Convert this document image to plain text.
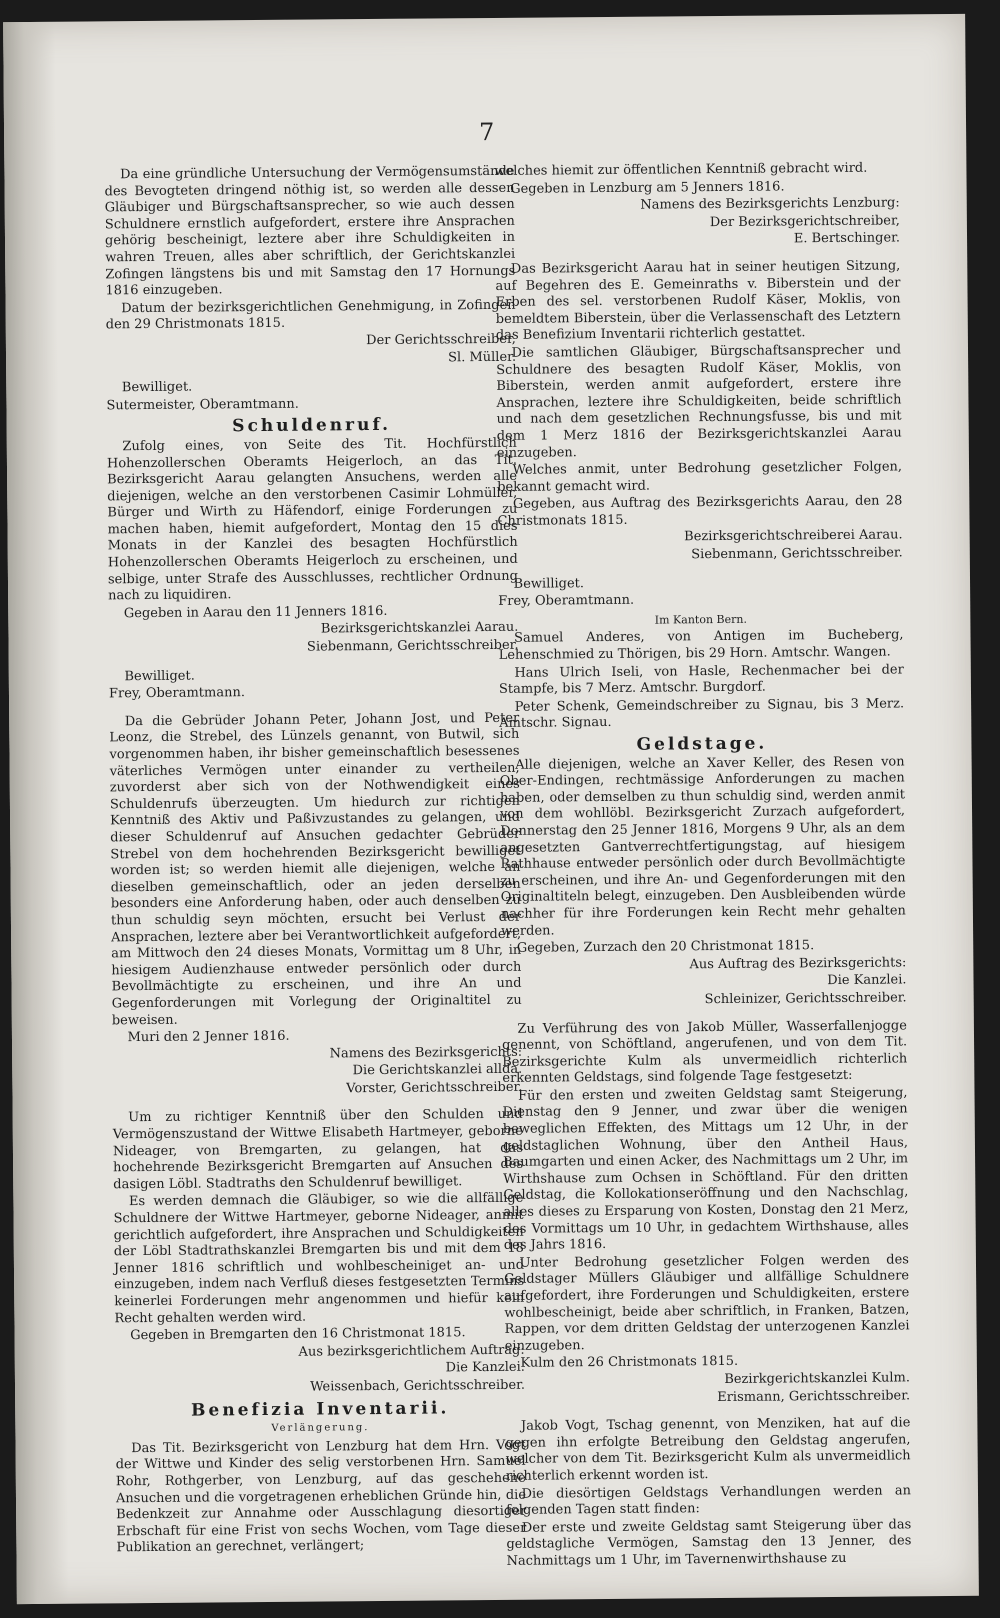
7

Da eine gründliche Untersuchung der Vermögensumstände des Bevogteten dringend nöthig ist, so werden alle dessen Gläubiger und Bürgschaftsansprecher, so wie auch dessen Schuldnere ernstlich aufgefordert, erstere ihre Ansprachen gehörig bescheinigt, leztere aber ihre Schuldigkeiten in wahren Treuen, alles aber schriftlich, der Gerichtskanzlei Zofingen längstens bis und mit Samstag den 17 Hornungs 1816 einzugeben.

Datum der bezirksgerichtlichen Genehmigung, in Zofingen den 29 Christmonats 1815.

Der Gerichtsschreiber,

Sl. Müller.

Bewilliget.

Sutermeister, Oberamtmann.

Schuldenruf.

Zufolg eines, von Seite des Tit. Hochfürstlich Hohenzollerschen Oberamts Heigerloch, an das Tit. Bezirksgericht Aarau gelangten Ansuchens, werden alle diejenigen, welche an den verstorbenen Casimir Lohmüller, Bürger und Wirth zu Häfendorf, einige Forderungen zu machen haben, hiemit aufgefordert, Montag den 15 dies Monats in der Kanzlei des besagten Hochfürstlich Hohenzollerschen Oberamts Heigerloch zu erscheinen, und selbige, unter Strafe des Ausschlusses, rechtlicher Ordnung nach zu liquidiren.

Gegeben in Aarau den 11 Jenners 1816.

Bezirksgerichtskanzlei Aarau.

Siebenmann, Gerichtsschreiber.

Bewilliget.

Frey, Oberamtmann.

Da die Gebrüder Johann Peter, Johann Jost, und Peter Leonz, die Strebel, des Lünzels genannt, von Butwil, sich vorgenommen haben, ihr bisher gemeinschaftlich besessenes väterliches Vermögen unter einander zu vertheilen, zuvorderst aber sich von der Nothwendigkeit eines Schuldenrufs überzeugten. Um hiedurch zur richtigen Kenntniß des Aktiv und Paßivzustandes zu gelangen, und dieser Schuldenruf auf Ansuchen gedachter Gebrüder Strebel von dem hochehrenden Bezirksgericht bewilliget worden ist; so werden hiemit alle diejenigen, welche an dieselben gemeinschaftlich, oder an jeden derselben besonders eine Anforderung haben, oder auch denselben zu thun schuldig seyn möchten, ersucht bei Verlust der Ansprachen, leztere aber bei Verantwortlichkeit aufgefordert, am Mittwoch den 24 dieses Monats, Vormittag um 8 Uhr, in hiesigem Audienzhause entweder persönlich oder durch Bevollmächtigte zu erscheinen, und ihre An und Gegenforderungen mit Vorlegung der Originaltitel zu beweisen.

Muri den 2 Jenner 1816.

Namens des Bezirksgerichts:

Die Gerichtskanzlei allda.

Vorster, Gerichtsschreiber.

Um zu richtiger Kenntniß über den Schulden und Vermögenszustand der Wittwe Elisabeth Hartmeyer, geborne Nideager, von Bremgarten, zu gelangen, hat das hochehrende Bezirksgericht Bremgarten auf Ansuchen des dasigen Löbl. Stadtraths den Schuldenruf bewilliget.

Es werden demnach die Gläubiger, so wie die allfällige Schuldnere der Wittwe Hartmeyer, geborne Nideager, anmit gerichtlich aufgefordert, ihre Ansprachen und Schuldigkeiten der Löbl Stadtrathskanzlei Bremgarten bis und mit dem 18 Jenner 1816 schriftlich und wohlbescheiniget an- und einzugeben, indem nach Verfluß dieses festgesetzten Termins keinerlei Forderungen mehr angenommen und hiefür kein Recht gehalten werden wird.

Gegeben in Bremgarten den 16 Christmonat 1815.

Aus bezirksgerichtlichem Auftrag:

Die Kanzlei.

Weissenbach, Gerichtsschreiber.

Benefizia Inventarii.
Verlängerung.

Das Tit. Bezirksgericht von Lenzburg hat dem Hrn. Vogt der Wittwe und Kinder des selig verstorbenen Hrn. Samuel Rohr, Rothgerber, von Lenzburg, auf das geschehene Ansuchen und die vorgetragenen erheblichen Gründe hin, die Bedenkzeit zur Annahme oder Ausschlagung diesortiger Erbschaft für eine Frist von sechs Wochen, vom Tage dieser Publikation an gerechnet, verlängert;

welches hiemit zur öffentlichen Kenntniß gebracht wird.

Gegeben in Lenzburg am 5 Jenners 1816.

Namens des Bezirksgerichts Lenzburg:

Der Bezirksgerichtschreiber,

E. Bertschinger.

Das Bezirksgericht Aarau hat in seiner heutigen Sitzung, auf Begehren des E. Gemeinraths v. Biberstein und der Erben des sel. verstorbenen Rudolf Käser, Moklis, von bemeldtem Biberstein, über die Verlassenschaft des Letztern das Benefizium Inventarii richterlich gestattet.

Die samtlichen Gläubiger, Bürgschaftsansprecher und Schuldnere des besagten Rudolf Käser, Moklis, von Biberstein, werden anmit aufgefordert, erstere ihre Ansprachen, leztere ihre Schuldigkeiten, beide schriftlich und nach dem gesetzlichen Rechnungsfusse, bis und mit dem 1 Merz 1816 der Bezirksgerichtskanzlei Aarau einzugeben.

Welches anmit, unter Bedrohung gesetzlicher Folgen, bekannt gemacht wird.

Gegeben, aus Auftrag des Bezirksgerichts Aarau, den 28 Christmonats 1815.

Bezirksgerichtschreiberei Aarau.

Siebenmann, Gerichtsschreiber.

Bewilliget.

Frey, Oberamtmann.

Im Kanton Bern.

Samuel Anderes, von Antigen im Bucheberg, Lehenschmied zu Thörigen, bis 29 Horn. Amtschr. Wangen.

Hans Ulrich Iseli, von Hasle, Rechenmacher bei der Stampfe, bis 7 Merz. Amtschr. Burgdorf.

Peter Schenk, Gemeindschreiber zu Signau, bis 3 Merz. Amtschr. Signau.

Geldstage.

Alle diejenigen, welche an Xaver Keller, des Resen von Ober-Endingen, rechtmässige Anforderungen zu machen haben, oder demselben zu thun schuldig sind, werden anmit von dem wohllöbl. Bezirksgericht Zurzach aufgefordert, Donnerstag den 25 Jenner 1816, Morgens 9 Uhr, als an dem angesetzten Gantverrechtfertigungstag, auf hiesigem Rathhause entweder persönlich oder durch Bevollmächtigte zu erscheinen, und ihre An- und Gegenforderungen mit den Originaltiteln belegt, einzugeben. Den Ausbleibenden würde nachher für ihre Forderungen kein Recht mehr gehalten werden.

Gegeben, Zurzach den 20 Christmonat 1815.

Aus Auftrag des Bezirksgerichts:

Die Kanzlei.

Schleinizer, Gerichtsschreiber.

Zu Verführung des von Jakob Müller, Wasserfallenjogge genennt, von Schöftland, angerufenen, und von dem Tit. Bezirksgerichte Kulm als unvermeidlich richterlich erkennten Geldstags, sind folgende Tage festgesetzt:

Für den ersten und zweiten Geldstag samt Steigerung, Dienstag den 9 Jenner, und zwar über die wenigen beweglichen Effekten, des Mittags um 12 Uhr, in der geldstaglichen Wohnung, über den Antheil Haus, Baumgarten und einen Acker, des Nachmittags um 2 Uhr, im Wirthshause zum Ochsen in Schöftland. Für den dritten Geldstag, die Kollokationseröffnung und den Nachschlag, alles dieses zu Ersparung von Kosten, Donstag den 21 Merz, des Vormittags um 10 Uhr, in gedachtem Wirthshause, alles des Jahrs 1816.

Unter Bedrohung gesetzlicher Folgen werden des Geldstager Müllers Gläubiger und allfällige Schuldnere aufgefordert, ihre Forderungen und Schuldigkeiten, erstere wohlbescheinigt, beide aber schriftlich, in Franken, Batzen, Rappen, vor dem dritten Geldstag der unterzogenen Kanzlei einzugeben.

Kulm den 26 Christmonats 1815.

Bezirkgerichtskanzlei Kulm.

Erismann, Gerichtsschreiber.

Jakob Vogt, Tschag genennt, von Menziken, hat auf die gegen ihn erfolgte Betreibung den Geldstag angerufen, welcher von dem Tit. Bezirksgericht Kulm als unvermeidlich richterlich erkennt worden ist.

Die diesörtigen Geldstags Verhandlungen werden an folgenden Tagen statt finden:

Der erste und zweite Geldstag samt Steigerung über das geldstagliche Vermögen, Samstag den 13 Jenner, des Nachmittags um 1 Uhr, im Tavernenwirthshause zu
